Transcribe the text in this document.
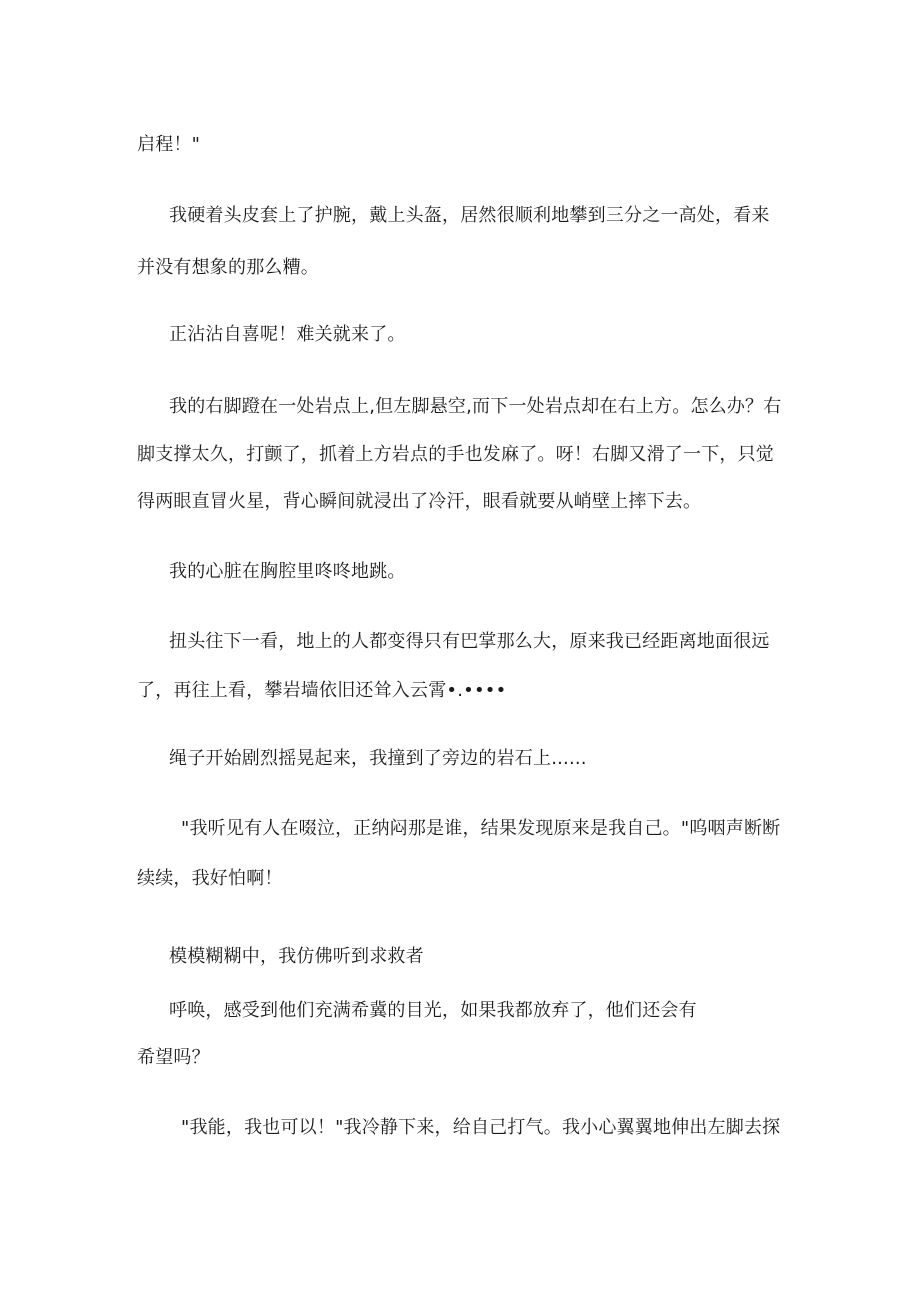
启程！"
我硬着头皮套上了护腕，戴上头盔，居然很顺利地攀到三分之一高处，看来
并没有想象的那么糟。
正沾沾自喜呢！难关就来了。
我的右脚蹬在一处岩点上,但左脚悬空,而下一处岩点却在右上方。怎么办？右
脚支撑太久，打颤了，抓着上方岩点的手也发麻了。呀！右脚又滑了一下，只觉
得两眼直冒火星，背心瞬间就浸出了冷汗，眼看就要从峭壁上摔下去。
我的心脏在胸腔里咚咚地跳。
扭头往下一看，地上的人都变得只有巴掌那么大，原来我已经距离地面很远
了，再往上看，攀岩墙依旧还耸入云霄•.••••
绳子开始剧烈摇晃起来，我撞到了旁边的岩石上......
"我听见有人在啜泣，正纳闷那是谁，结果发现原来是我自己。"呜咽声断断
续续，我好怕啊！
模模糊糊中，我仿佛听到求救者
呼唤，感受到他们充满希冀的目光，如果我都放弃了，他们还会有
希望吗？
"我能，我也可以！"我冷静下来，给自己打气。我小心翼翼地伸出左脚去探
